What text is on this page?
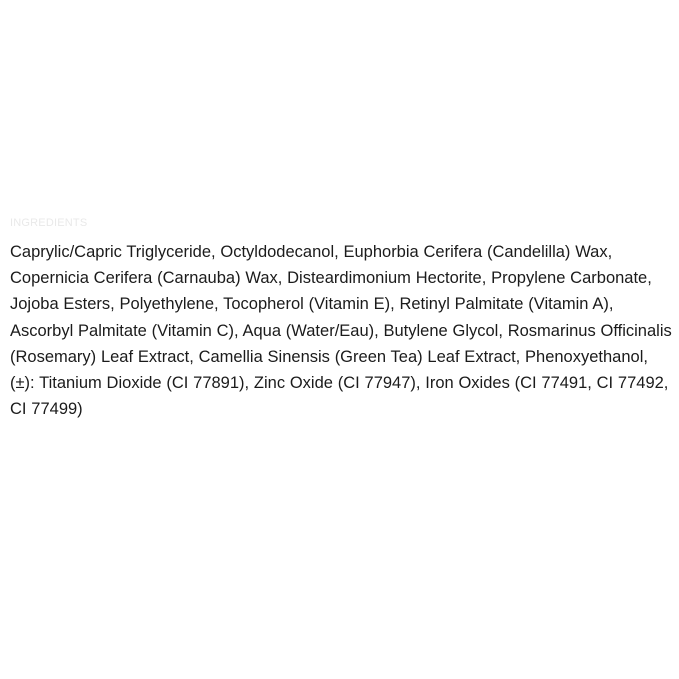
INGREDIENTS

Caprylic/Capric Triglyceride, Octyldodecanol, Euphorbia Cerifera (Candelilla) Wax, Copernicia Cerifera (Carnauba) Wax, Disteardimonium Hectorite, Propylene Carbonate, Jojoba Esters, Polyethylene, Tocopherol (Vitamin E), Retinyl Palmitate (Vitamin A), Ascorbyl Palmitate (Vitamin C), Aqua (Water/Eau), Butylene Glycol, Rosmarinus Officinalis (Rosemary) Leaf Extract, Camellia Sinensis (Green Tea) Leaf Extract, Phenoxyethanol, (±): Titanium Dioxide (CI 77891), Zinc Oxide (CI 77947), Iron Oxides (CI 77491, CI 77492, CI 77499)
